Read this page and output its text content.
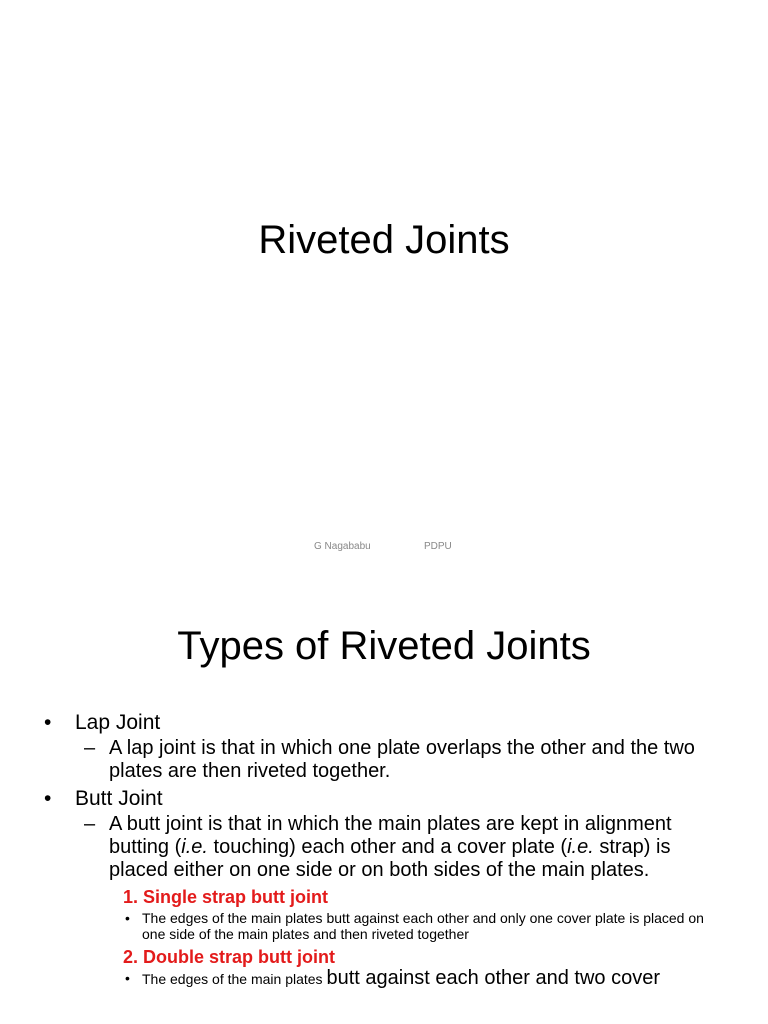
Riveted Joints
G Nagababu	PDPU
Types of Riveted Joints
• Lap Joint
– A lap joint is that in which one plate overlaps the other and the two plates are then riveted together.
• Butt Joint
– A butt joint is that in which the main plates are kept in alignment butting (i.e. touching) each other and a cover plate (i.e. strap) is placed either on one side or on both sides of the main plates.
1. Single strap butt joint
• The edges of the main plates butt against each other and only one cover plate is placed on one side of the main plates and then riveted together
2. Double strap butt joint
• The edges of the main plates butt against each other and two cover
